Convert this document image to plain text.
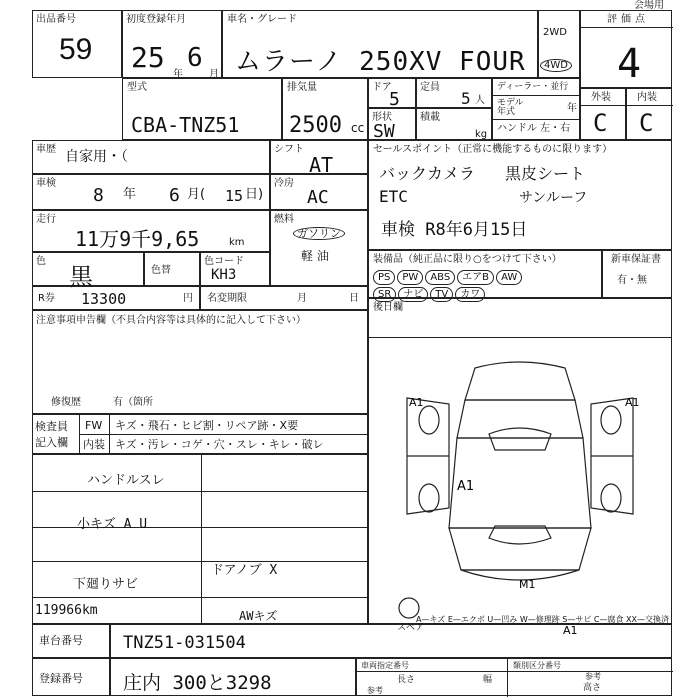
会場用
出品番号
59
初度登録年月
25
年
6
月
車名・グレード
ムラーノ 250XV FOUR
2WD
4WD
評価点
4
型式
CBA-TNZ51
排気量
2500 cc
ドア
5
定員
5 人
形状
SW
積載
kg
ディーラー・並行
モデル年式	年
ハンドル 左・右
外装
C
内装
C
車歴 自家用・（	シフト
AT
車検
8 年 6 月( 15 日)
冷房
AC
走行
11万9千9,65	km
燃料
ガソリン
軽 油
色
黒	色替
色コード
KH3
R券 13300	円 名変期限	月	日
注意事項申告欄（不具合内容等は具体的に記入して下さい）
修復歴	有（箇所
セールスポイント（正常に機能するものに限ります）
バックカメラ 黒皮シート
ETC	サンルーフ
車検 R8年6月15日
装備品（純正品に限り○をつけて下さい）
PS PW ABS エアB AW
SR ナビ TV カワ
新車保証書
有・無
後日欄
検査員
記入欄
FW キズ・飛石・ヒビ割・リペア跡・X要
内装 キズ・汚レ・コゲ・穴・スレ・キレ・破レ
ハンドルスレ
小キズ A U
ドアノブ X
下廻りサビ
119966km	AWキズ
A1	A1
A1
A1
M1
スペア
A—キズ E—エクボ U—凹み W—修理跡 S—サビ C—腐食 XX—交換済
車台番号 TNZ51-031504
登録番号 庄内 300と3298
車両指定番号
参考
長さ	幅
類別区分番号
参考
高さ
